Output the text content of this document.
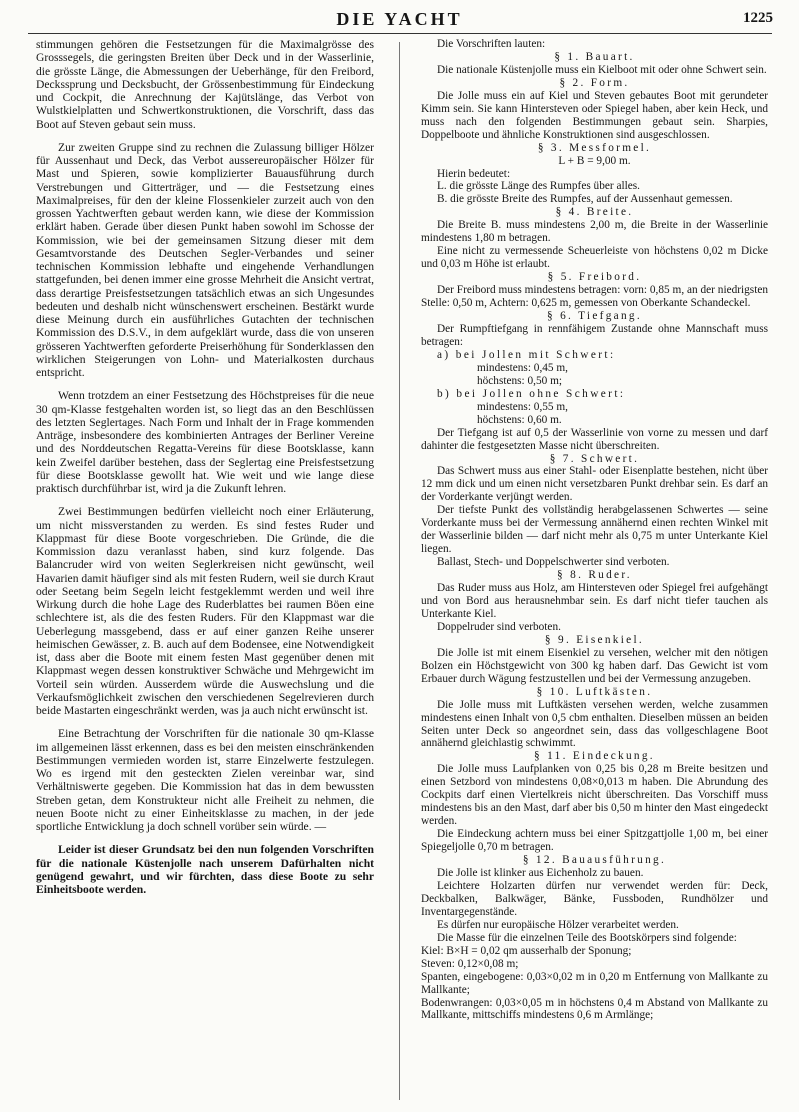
DIE YACHT	1225

stimmungen gehören die Festsetzungen für die Maximalgrösse des Grosssegels, die geringsten Breiten über Deck und in der Wasserlinie, die grösste Länge, die Abmessungen der Ueberhänge, für den Freibord, Deckssprung und Decksbucht, der Grössenbestimmung für Eindeckung und Cockpit, die Anrechnung der Kajütslänge, das Verbot von Wulstkielplatten und Schwertkonstruktionen, die Vorschrift, dass das Boot auf Steven gebaut sein muss.

Zur zweiten Gruppe sind zu rechnen die Zulassung billiger Hölzer für Aussenhaut und Deck, das Verbot aussereuropäischer Hölzer für Mast und Spieren, sowie komplizierter Bauausführung durch Verstrebungen und Gitterträger, und — die Festsetzung eines Maximalpreises, für den der kleine Flossenkieler zurzeit auch von den grossen Yachtwerften gebaut werden kann, wie diese der Kommission erklärt haben. Gerade über diesen Punkt haben sowohl im Schosse der Kommission, wie bei der gemeinsamen Sitzung dieser mit dem Gesamtvorstande des Deutschen Segler-Verbandes und seiner technischen Kommission lebhafte und eingehende Verhandlungen stattgefunden, bei denen immer eine grosse Mehrheit die Ansicht vertrat, dass derartige Preisfestsetzungen tatsächlich etwas an sich Ungesundes bedeuten und deshalb nicht wünschenswert erscheinen. Bestärkt wurde diese Meinung durch ein ausführliches Gutachten der technischen Kommission des D.S.V., in dem aufgeklärt wurde, dass die von unseren grösseren Yachtwerften geforderte Preiserhöhung für Sonderklassen den wirklichen Steigerungen von Lohn- und Materialkosten durchaus entspricht.

Wenn trotzdem an einer Festsetzung des Höchstpreises für die neue 30 qm-Klasse festgehalten worden ist, so liegt das an den Beschlüssen des letzten Seglertages. Nach Form und Inhalt der in Frage kommenden Anträge, insbesondere des kombinierten Antrages der Berliner Vereine und des Norddeutschen Regatta-Vereins für diese Bootsklasse, kann kein Zweifel darüber bestehen, dass der Seglertag eine Preisfestsetzung für diese Bootsklasse gewollt hat. Wie weit und wie lange diese praktisch durchführbar ist, wird ja die Zukunft lehren.

Zwei Bestimmungen bedürfen vielleicht noch einer Erläuterung, um nicht missverstanden zu werden. Es sind festes Ruder und Klappmast für diese Boote vorgeschrieben. Die Gründe, die die Kommission dazu veranlasst haben, sind kurz folgende. Das Balancruder wird von weiten Seglerkreisen nicht gewünscht, weil Havarien damit häufiger sind als mit festen Rudern, weil sie durch Kraut oder Seetang beim Segeln leicht festgeklemmt werden und weil ihre Wirkung durch die hohe Lage des Ruderblattes bei raumen Böen eine schlechtere ist, als die des festen Ruders. Für den Klappmast war die Ueberlegung massgebend, dass er auf einer ganzen Reihe unserer heimischen Gewässer, z. B. auch auf dem Bodensee, eine Notwendigkeit ist, dass aber die Boote mit einem festen Mast gegenüber denen mit Klappmast wegen dessen konstruktiver Schwäche und Mehrgewicht im Vorteil sein würden. Ausserdem würde die Auswechslung und die Verkaufsmöglichkeit zwischen den verschiedenen Segelrevieren durch beide Mastarten eingeschränkt werden, was ja auch nicht erwünscht ist.

Eine Betrachtung der Vorschriften für die nationale 30 qm-Klasse im allgemeinen lässt erkennen, dass es bei den meisten einschränkenden Bestimmungen vermieden worden ist, starre Einzelwerte festzulegen. Wo es irgend mit den gesteckten Zielen vereinbar war, sind Verhältniswerte gegeben. Die Kommission hat das in dem bewussten Streben getan, dem Konstrukteur nicht alle Freiheit zu nehmen, die neuen Boote nicht zu einer Einheitsklasse zu machen, in der jede sportliche Entwicklung ja doch schnell vorüber sein würde. —

Leider ist dieser Grundsatz bei den nun folgenden Vorschriften für die nationale Küstenjolle nach unserem Dafürhalten nicht genügend gewahrt, und wir fürchten, dass diese Boote zu sehr Einheitsboote werden.

Die Vorschriften lauten:

§ 1. Bauart.

Die nationale Küstenjolle muss ein Kielboot mit oder ohne Schwert sein.

§ 2. Form.

Die Jolle muss ein auf Kiel und Steven gebautes Boot mit gerundeter Kimm sein. Sie kann Hintersteven oder Spiegel haben, aber kein Heck, und muss nach den folgenden Bestimmungen gebaut sein. Sharpies, Doppelboote und ähnliche Konstruktionen sind ausgeschlossen.

§ 3. Messformel.

L + B = 9,00 m.

Hierin bedeutet:

L. die grösste Länge des Rumpfes über alles.

B. die grösste Breite des Rumpfes, auf der Aussenhaut gemessen.

§ 4. Breite.

Die Breite B. muss mindestens 2,00 m, die Breite in der Wasserlinie mindestens 1,80 m betragen.

Eine nicht zu vermessende Scheuerleiste von höchstens 0,02 m Dicke und 0,03 m Höhe ist erlaubt.

§ 5. Freibord.

Der Freibord muss mindestens betragen: vorn: 0,85 m, an der niedrigsten Stelle: 0,50 m, Achtern: 0,625 m, gemessen von Oberkante Schandeckel.

§ 6. Tiefgang.

Der Rumpftiefgang in rennfähigem Zustande ohne Mannschaft muss betragen:

a) bei Jollen mit Schwert:

mindestens: 0,45 m,

höchstens: 0,50 m;

b) bei Jollen ohne Schwert:

mindestens: 0,55 m,

höchstens: 0,60 m.

Der Tiefgang ist auf 0,5 der Wasserlinie von vorne zu messen und darf dahinter die festgesetzten Masse nicht überschreiten.

§ 7. Schwert.

Das Schwert muss aus einer Stahl- oder Eisenplatte bestehen, nicht über 12 mm dick und um einen nicht versetzbaren Punkt drehbar sein. Es darf an der Vorderkante verjüngt werden.

Der tiefste Punkt des vollständig herabgelassenen Schwertes — seine Vorderkante muss bei der Vermessung annähernd einen rechten Winkel mit der Wasserlinie bilden — darf nicht mehr als 0,75 m unter Unterkante Kiel liegen.

Ballast, Stech- und Doppelschwerter sind verboten.

§ 8. Ruder.

Das Ruder muss aus Holz, am Hintersteven oder Spiegel frei aufgehängt und von Bord aus herausnehmbar sein. Es darf nicht tiefer tauchen als Unterkante Kiel.

Doppelruder sind verboten.

§ 9. Eisenkiel.

Die Jolle ist mit einem Eisenkiel zu versehen, welcher mit den nötigen Bolzen ein Höchstgewicht von 300 kg haben darf. Das Gewicht ist vom Erbauer durch Wägung festzustellen und bei der Vermessung anzugeben.

§ 10. Luftkästen.

Die Jolle muss mit Luftkästen versehen werden, welche zusammen mindestens einen Inhalt von 0,5 cbm enthalten. Dieselben müssen an beiden Seiten unter Deck so angeordnet sein, dass das vollgeschlagene Boot annähernd gleichlastig schwimmt.

§ 11. Eindeckung.

Die Jolle muss Laufplanken von 0,25 bis 0,28 m Breite besitzen und einen Setzbord von mindestens 0,08×0,013 m haben. Die Abrundung des Cockpits darf einen Viertelkreis nicht überschreiten. Das Vorschiff muss mindestens bis an den Mast, darf aber bis 0,50 m hinter den Mast eingedeckt werden.

Die Eindeckung achtern muss bei einer Spitzgattjolle 1,00 m, bei einer Spiegeljolle 0,70 m betragen.

§ 12. Bauausführung.

Die Jolle ist klinker aus Eichenholz zu bauen.

Leichtere Holzarten dürfen nur verwendet werden für: Deck, Deckbalken, Balkwäger, Bänke, Fussboden, Rundhölzer und Inventargegenstände.

Es dürfen nur europäische Hölzer verarbeitet werden.

Die Masse für die einzelnen Teile des Bootskörpers sind folgende:

Kiel: B×H = 0,02 qm ausserhalb der Sponung;

Steven: 0,12×0,08 m;

Spanten, eingebogene: 0,03×0,02 m in 0,20 m Entfernung von Mallkante zu Mallkante;

Bodenwrangen: 0,03×0,05 m in höchstens 0,4 m Abstand von Mallkante zu Mallkante, mittschiffs mindestens 0,6 m Armlänge;
